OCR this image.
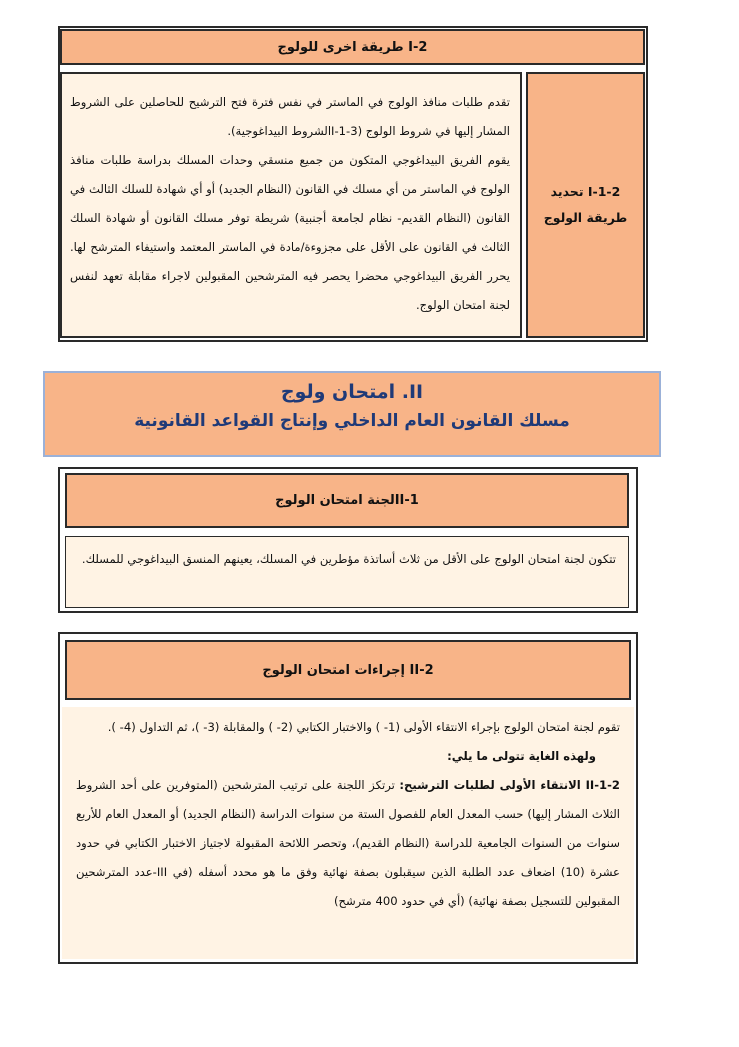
2-I طريقة اخرى للولوج

تقدم طلبات منافذ الولوج في الماستر في نفس فترة فتح الترشيح للحاصلين على الشروط المشار إليها في شروط الولوج (I-1-3الشروط البيداغوجية).

يقوم الفريق البيداغوجي المتكون من جميع منسقي وحدات المسلك بدراسة طلبات منافذ الولوج في الماستر من أي مسلك في القانون (النظام الجديد) أو أي شهادة للسلك الثالث في القانون (النظام القديم- نظام لجامعة أجنبية) شريطة توفر مسلك القانون أو شهادة السلك الثالث في القانون على الأقل على مجزوءة/مادة في الماستر المعتمد واستيفاء المترشح لها. يحرر الفريق البيداغوجي محضرا يحصر فيه المترشحين المقبولين لاجراء مقابلة تعهد لنفس لجنة امتحان الولوج.

1-2-I تحديد
طريقة الولوج
II. امتحان ولوج
مسلك القانون العام الداخلي وإنتاج القواعد القانونية
1-IIلجنة امتحان الولوج
تتكون لجنة امتحان الولوج على الأقل من ثلاث أساتذة مؤطرين في المسلك، يعينهم المنسق البيداغوجي للمسلك.
2-II إجراءات امتحان الولوج

تقوم لجنة امتحان الولوج بإجراء الانتقاء الأولى (1- ) والاختبار الكتابي (2- ) والمقابلة (3- )، ثم التداول (4- ).

ولهذه الغاية تتولى ما يلي:

1-2-II الانتقاء الأولى لطلبات الترشيح: ترتكز اللجنة على ترتيب المترشحين (المتوفرين على أحد الشروط الثلاث المشار إليها) حسب المعدل العام للفصول الستة من سنوات الدراسة (النظام الجديد) أو المعدل العام للأربع سنوات من السنوات الجامعية للدراسة (النظام القديم)، وتحصر اللائحة المقبولة لاجتياز الاختبار الكتابي في حدود عشرة (10) اضعاف عدد الطلبة الذين سيقبلون بصفة نهائية وفق ما هو محدد أسفله (في III-عدد المترشحين المقبولين للتسجيل بصفة نهائية) (أي في حدود 400 مترشح)
